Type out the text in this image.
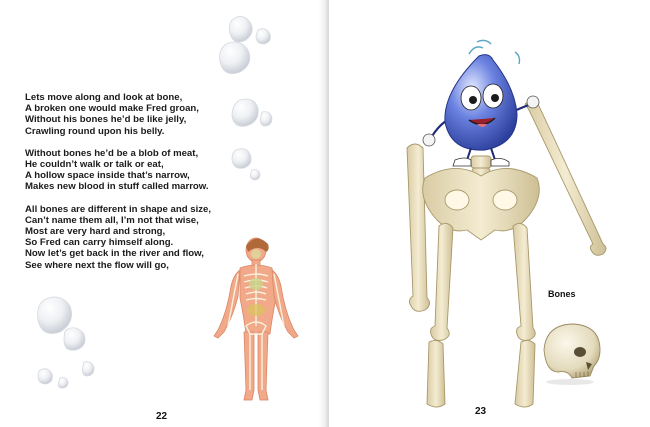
Lets move along and look at bone,
A broken one would make Fred groan,
Without his bones he’d be like jelly,
Crawling round upon his belly.

Without bones he’d be a blob of meat,
He couldn’t walk or talk or eat,
A hollow space inside that’s narrow,
Makes new blood in stuff called marrow.

All bones are different in shape and size,
Can’t name them all, I’m not that wise,
Most are very hard and strong,
So Fred can carry himself along.
Now let’s get back in the river and flow,
See where next the flow will go,

22
Bones
23
